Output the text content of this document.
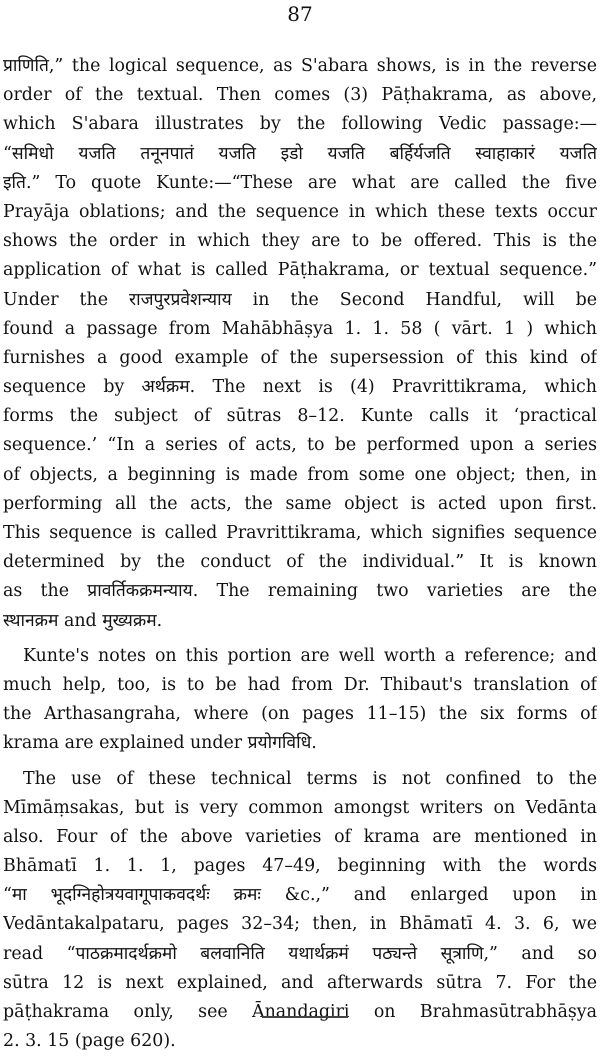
87
प्राणिति,” the logical sequence, as S'abara shows, is in the reverse
order of the textual. Then comes (3) Pāṭhakrama, as above,
which S'abara illustrates by the following Vedic passage:—
“समिधो यजति तनूनपातं यजति इडो यजति बर्हिर्यजति स्वाहाकारं यजति
इति.” To quote Kunte:—“These are what are called the five
Prayāja oblations; and the sequence in which these texts occur
shows the order in which they are to be offered. This is the
application of what is called Pāṭhakrama, or textual sequence.”
Under the राजपुरप्रवेशन्याय in the Second Handful, will be
found a passage from Mahābhāṣya 1. 1. 58 ( vārt. 1 ) which
furnishes a good example of the supersession of this kind of
sequence by अर्थक्रम. The next is (4) Pravrittikrama, which
forms the subject of sūtras 8–12. Kunte calls it ‘practical
sequence.’ “In a series of acts, to be performed upon a series
of objects, a beginning is made from some one object; then, in
performing all the acts, the same object is acted upon first.
This sequence is called Pravrittikrama, which signifies sequence
determined by the conduct of the individual.” It is known
as the प्रावर्तिकक्रमन्याय. The remaining two varieties are the
स्थानक्रम and मुख्यक्रम.
Kunte's notes on this portion are well worth a reference; and
much help, too, is to be had from Dr. Thibaut's translation of
the Arthasangraha, where (on pages 11–15) the six forms of
krama are explained under प्रयोगविधि.
The use of these technical terms is not confined to the
Mīmāṃsakas, but is very common amongst writers on Vedānta
also. Four of the above varieties of krama are mentioned in
Bhāmatī 1. 1. 1, pages 47–49, beginning with the words
“मा भूदग्निहोत्रयवागूपाकवदर्थः क्रमः &c.,” and enlarged upon in
Vedāntakalpataru, pages 32–34; then, in Bhāmatī 4. 3. 6, we
read “पाठक्रमादर्थक्रमो बलवानिति यथार्थक्रमं पठ्यन्ते सूत्राणि,” and so
sūtra 12 is next explained, and afterwards sūtra 7. For the
pāṭhakrama only, see Ānandagiri on Brahmasūtrabhāṣya
2. 3. 15 (page 620).
